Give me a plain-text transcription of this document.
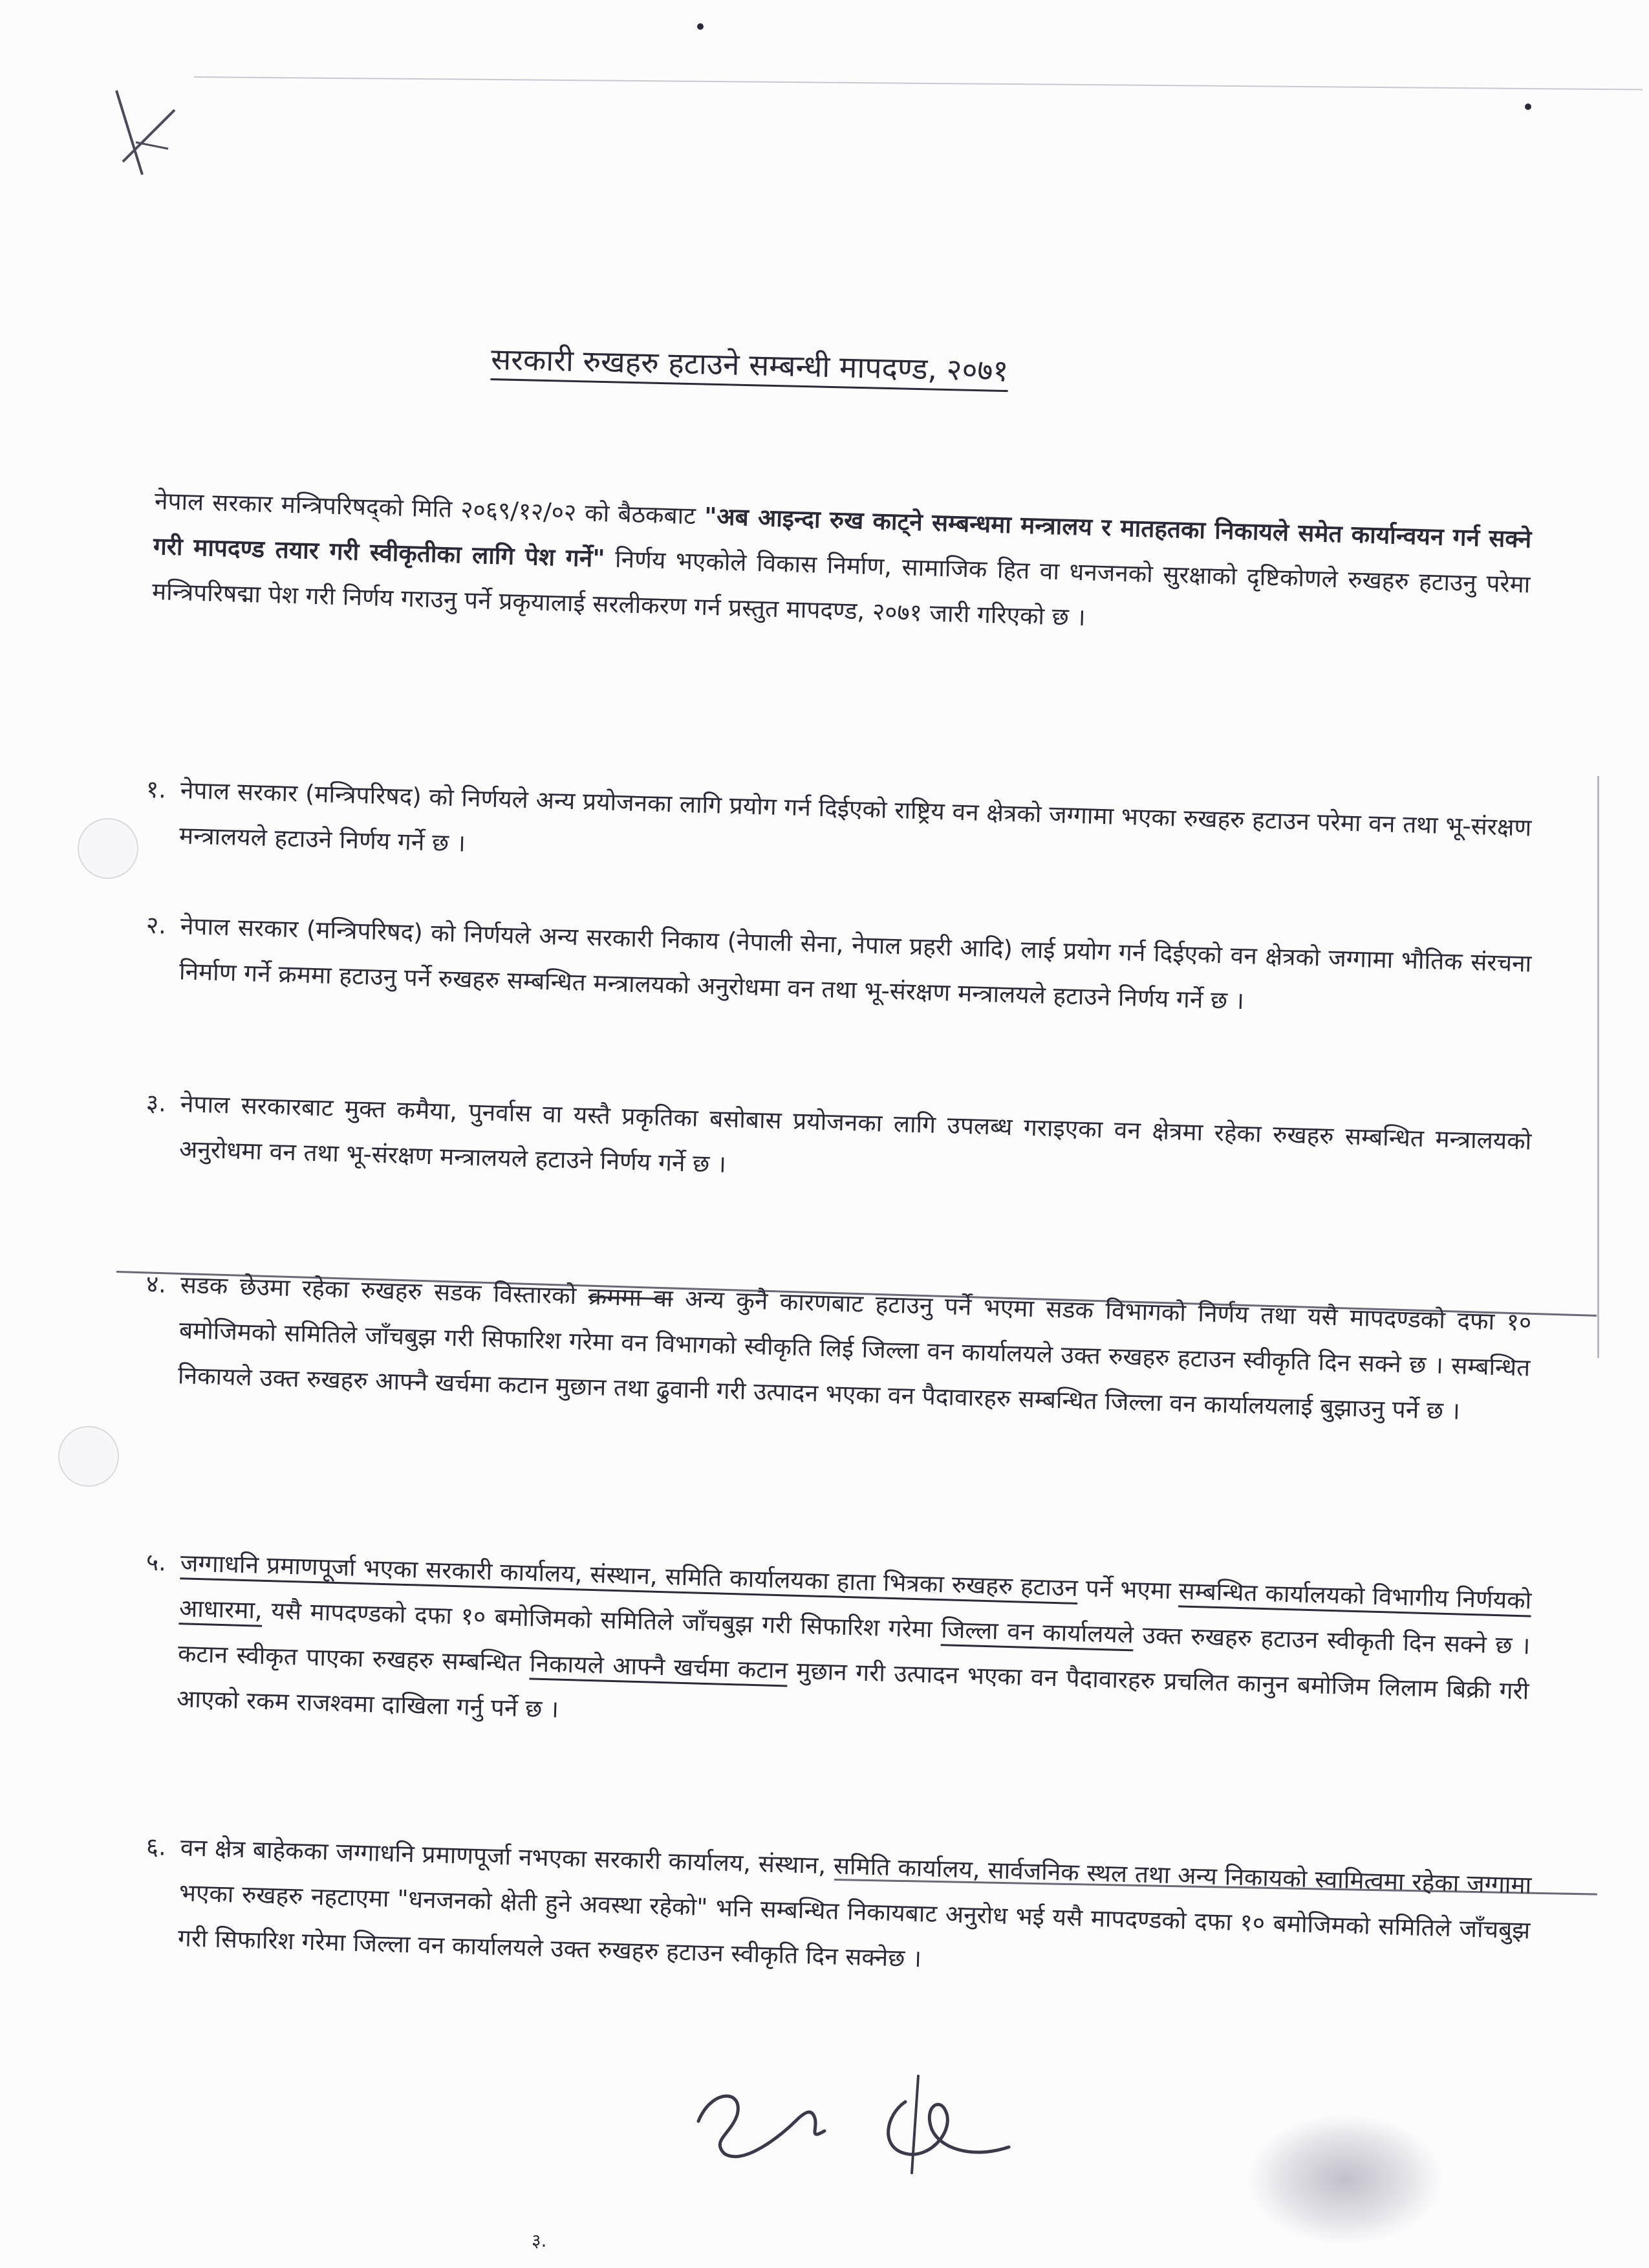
सरकारी रुखहरु हटाउने सम्बन्धी मापदण्ड, २०७१
नेपाल सरकार मन्त्रिपरिषद्को मिति २०६९/१२/०२ को बैठकबाट "अब आइन्दा रुख काट्ने सम्बन्धमा मन्त्रालय र मातहतका निकायले समेत कार्यान्वयन गर्न सक्ने गरी मापदण्ड तयार गरी स्वीकृतीका लागि पेश गर्ने" निर्णय भएकोले विकास निर्माण, सामाजिक हित वा धनजनको सुरक्षाको दृष्टिकोणले रुखहरु हटाउनु परेमा मन्त्रिपरिषद्मा पेश गरी निर्णय गराउनु पर्ने प्रकृयालाई सरलीकरण गर्न प्रस्तुत मापदण्ड, २०७१ जारी गरिएको छ ।
१. नेपाल सरकार (मन्त्रिपरिषद) को निर्णयले अन्य प्रयोजनका लागि प्रयोग गर्न दिईएको राष्ट्रिय वन क्षेत्रको जग्गामा भएका रुखहरु हटाउन परेमा वन तथा भू-संरक्षण मन्त्रालयले हटाउने निर्णय गर्ने छ ।
२. नेपाल सरकार (मन्त्रिपरिषद) को निर्णयले अन्य सरकारी निकाय (नेपाली सेना, नेपाल प्रहरी आदि) लाई प्रयोग गर्न दिईएको वन क्षेत्रको जग्गामा भौतिक संरचना निर्माण गर्ने क्रममा हटाउनु पर्ने रुखहरु सम्बन्धित मन्त्रालयको अनुरोधमा वन तथा भू-संरक्षण मन्त्रालयले हटाउने निर्णय गर्ने छ ।
३. नेपाल सरकारबाट मुक्त कमैया, पुनर्वास वा यस्तै प्रकृतिका बसोबास प्रयोजनका लागि उपलब्ध गराइएका वन क्षेत्रमा रहेका रुखहरु सम्बन्धित मन्त्रालयको अनुरोधमा वन तथा भू-संरक्षण मन्त्रालयले हटाउने निर्णय गर्ने छ ।
४. सडक छेउमा रहेका रुखहरु सडक विस्तारको क्रममा वा अन्य कुनै कारणबाट हटाउनु पर्ने भएमा सडक विभागको निर्णय तथा यसै मापदण्डको दफा १० बमोजिमको समितिले जाँचबुझ गरी सिफारिश गरेमा वन विभागको स्वीकृति लिई जिल्ला वन कार्यालयले उक्त रुखहरु हटाउन स्वीकृति दिन सक्ने छ । सम्बन्धित निकायले उक्त रुखहरु आफ्नै खर्चमा कटान मुछान तथा ढुवानी गरी उत्पादन भएका वन पैदावारहरु सम्बन्धित जिल्ला वन कार्यालयलाई बुझाउनु पर्ने छ ।
५. जग्गाधनि प्रमाणपूर्जा भएका सरकारी कार्यालय, संस्थान, समिति कार्यालयका हाता भित्रका रुखहरु हटाउन पर्ने भएमा सम्बन्धित कार्यालयको विभागीय निर्णयको आधारमा, यसै मापदण्डको दफा १० बमोजिमको समितिले जाँचबुझ गरी सिफारिश गरेमा जिल्ला वन कार्यालयले उक्त रुखहरु हटाउन स्वीकृती दिन सक्ने छ । कटान स्वीकृत पाएका रुखहरु सम्बन्धित निकायले आफ्नै खर्चमा कटान मुछान गरी उत्पादन भएका वन पैदावारहरु प्रचलित कानुन बमोजिम लिलाम बिक्री गरी आएको रकम राजश्वमा दाखिला गर्नु पर्ने छ ।
६. वन क्षेत्र बाहेकका जग्गाधनि प्रमाणपूर्जा नभएका सरकारी कार्यालय, संस्थान, समिति कार्यालय, सार्वजनिक स्थल तथा अन्य निकायको स्वामित्वमा रहेका जग्गामा भएका रुखहरु नहटाएमा "धनजनको क्षेती हुने अवस्था रहेको" भनि सम्बन्धित निकायबाट अनुरोध भई यसै मापदण्डको दफा १० बमोजिमको समितिले जाँचबुझ गरी सिफारिश गरेमा जिल्ला वन कार्यालयले उक्त रुखहरु हटाउन स्वीकृति दिन सक्नेछ ।
३.
